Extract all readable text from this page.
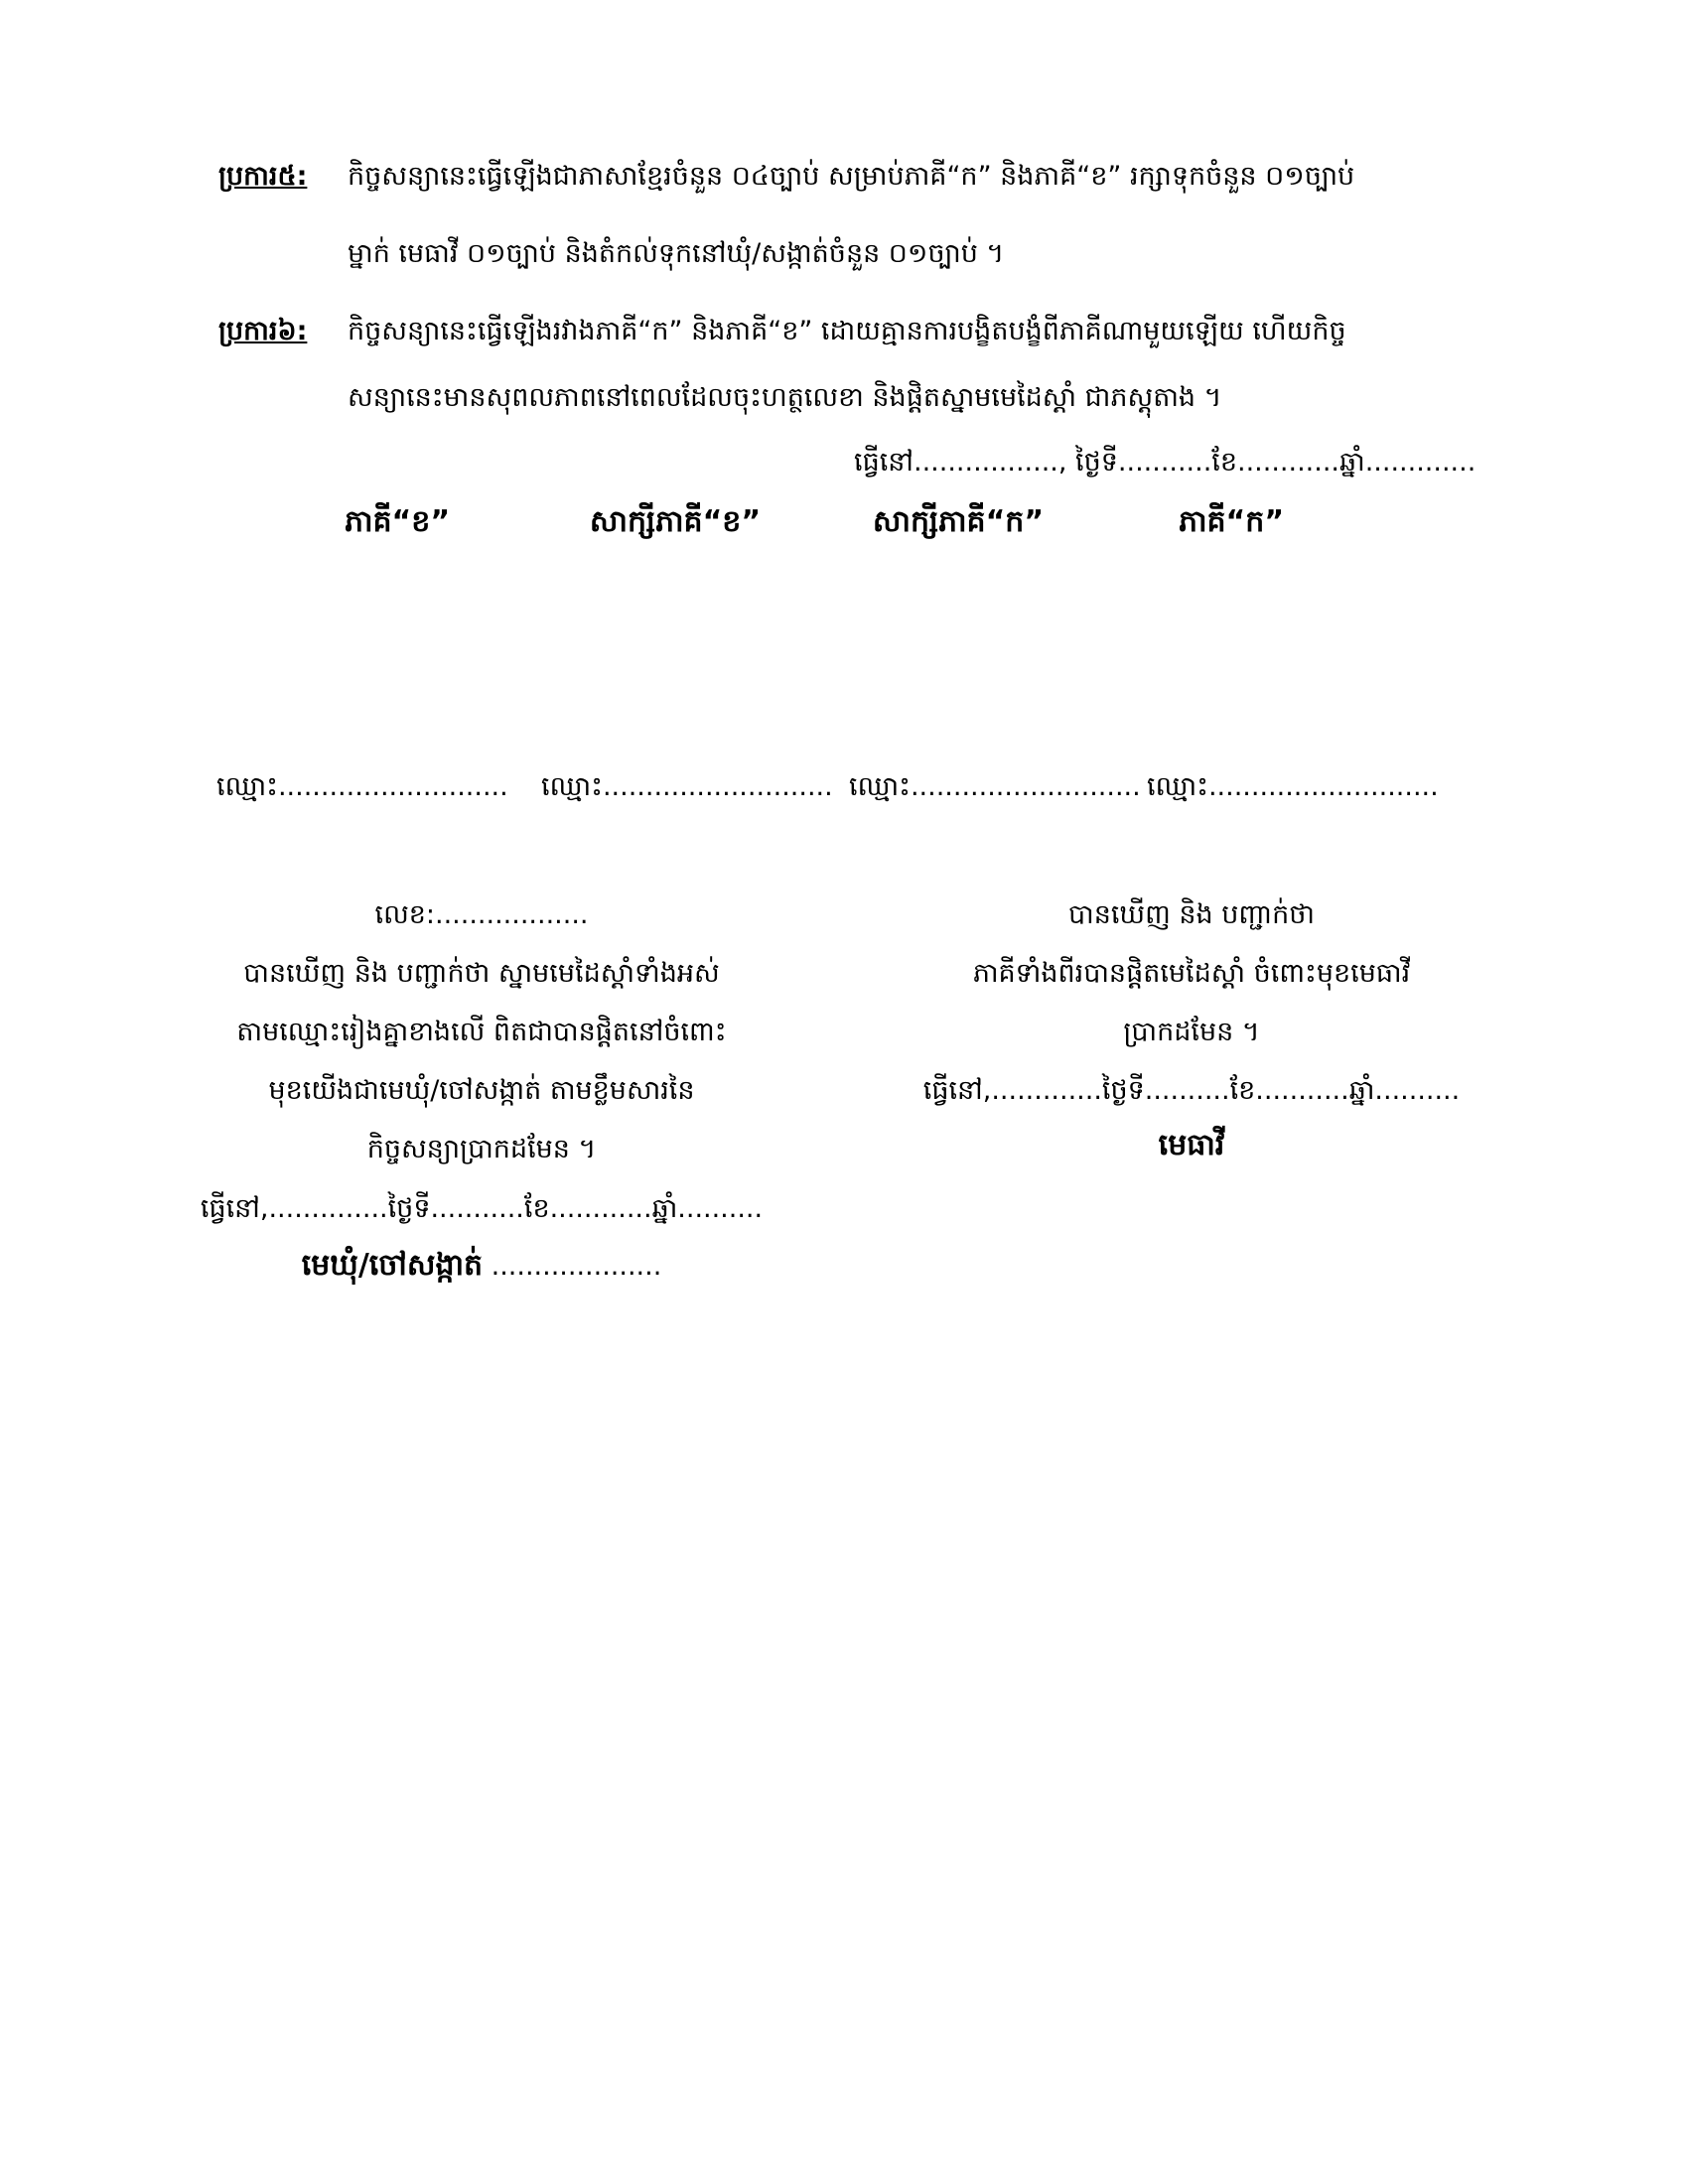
ប្រការ៥: កិច្ចសន្យានេះធ្វើឡើងជាភាសាខ្មែរចំនួន ០៤ច្បាប់ សម្រាប់ភាគី“ក” និងភាគី“ខ” រក្សាទុកចំនួន ០១ច្បាប់
ម្នាក់ មេធាវី ០១ច្បាប់ និងតំកល់ទុកនៅឃុំ/សង្កាត់ចំនួន ០១ច្បាប់ ។
ប្រការ៦: កិច្ចសន្យានេះធ្វើឡើងរវាងភាគី“ក” និងភាគី“ខ” ដោយគ្មានការបង្ខិតបង្ខំពីភាគីណាមួយឡើយ ហើយកិច្ច
សន្យានេះមានសុពលភាពនៅពេលដែលចុះហត្ថលេខា និងផ្តិតស្នាមមេដៃស្តាំ ជាភស្តុតាង ។
ធ្វើនៅ................., ថ្ងៃទី...........ខែ............ឆ្នាំ.............
ភាគី“ខ”	សាក្សីភាគី“ខ”	សាក្សីភាគី“ក”	ភាគី“ក”
ឈ្មោះ........................... ឈ្មោះ........................... ឈ្មោះ........................... ឈ្មោះ...........................
លេខ:..................
បានឃើញ និង បញ្ជាក់ថា ស្នាមមេដៃស្តាំទាំងអស់
តាមឈ្មោះរៀងគ្នាខាងលើ ពិតជាបានផ្តិតនៅចំពោះ
មុខយើងជាមេឃុំ/ចៅសង្កាត់ តាមខ្លឹមសារនៃ
កិច្ចសន្យាប្រាកដមែន ។
ធ្វើនៅ,..............ថ្ងៃទី...........ខែ............ឆ្នាំ..........
មេឃុំ/ចៅសង្កាត់ ....................
បានឃើញ និង បញ្ជាក់ថា
ភាគីទាំងពីរបានផ្តិតមេដៃស្តាំ ចំពោះមុខមេធាវី
ប្រាកដមែន ។
ធ្វើនៅ,.............ថ្ងៃទី..........ខែ...........ឆ្នាំ..........
មេធាវី
